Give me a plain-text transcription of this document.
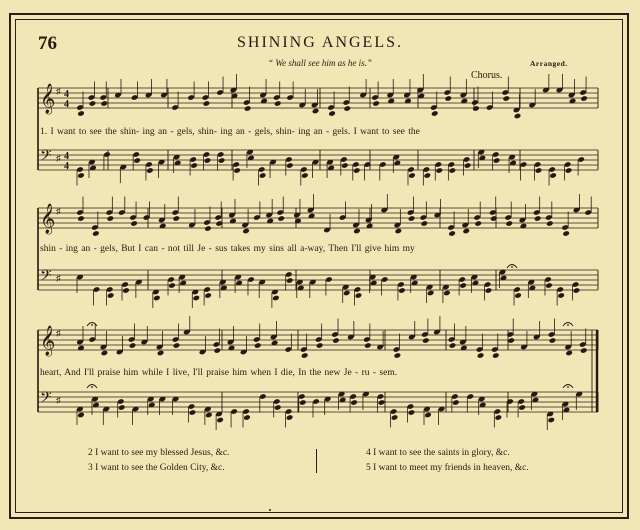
76	SHINING ANGELS.
“ We shall see him as he is.”	Arranged.
Chorus.
𝄞 ♯
𝄢 ♯
4
4
4
4
𝄞 ♯
𝄢 ♯
𝄞 ♯
𝄢 ♯
1. I want to see the shin- ing an - gels, shin- ing an - gels, shin- ing an - gels. I want to see the
shin - ing an - gels, But I can - not till Je - sus takes my sins all a-way, Then I'll give him my
heart, And I'll praise him while I live, I'll praise him when I die, In the new Je - ru - sem.
2 I want to see my blessed Jesus, &c.
3 I want to see the Golden City, &c.
4 I want to see the saints in glory, &c.
5 I want to meet my friends in heaven, &c.
